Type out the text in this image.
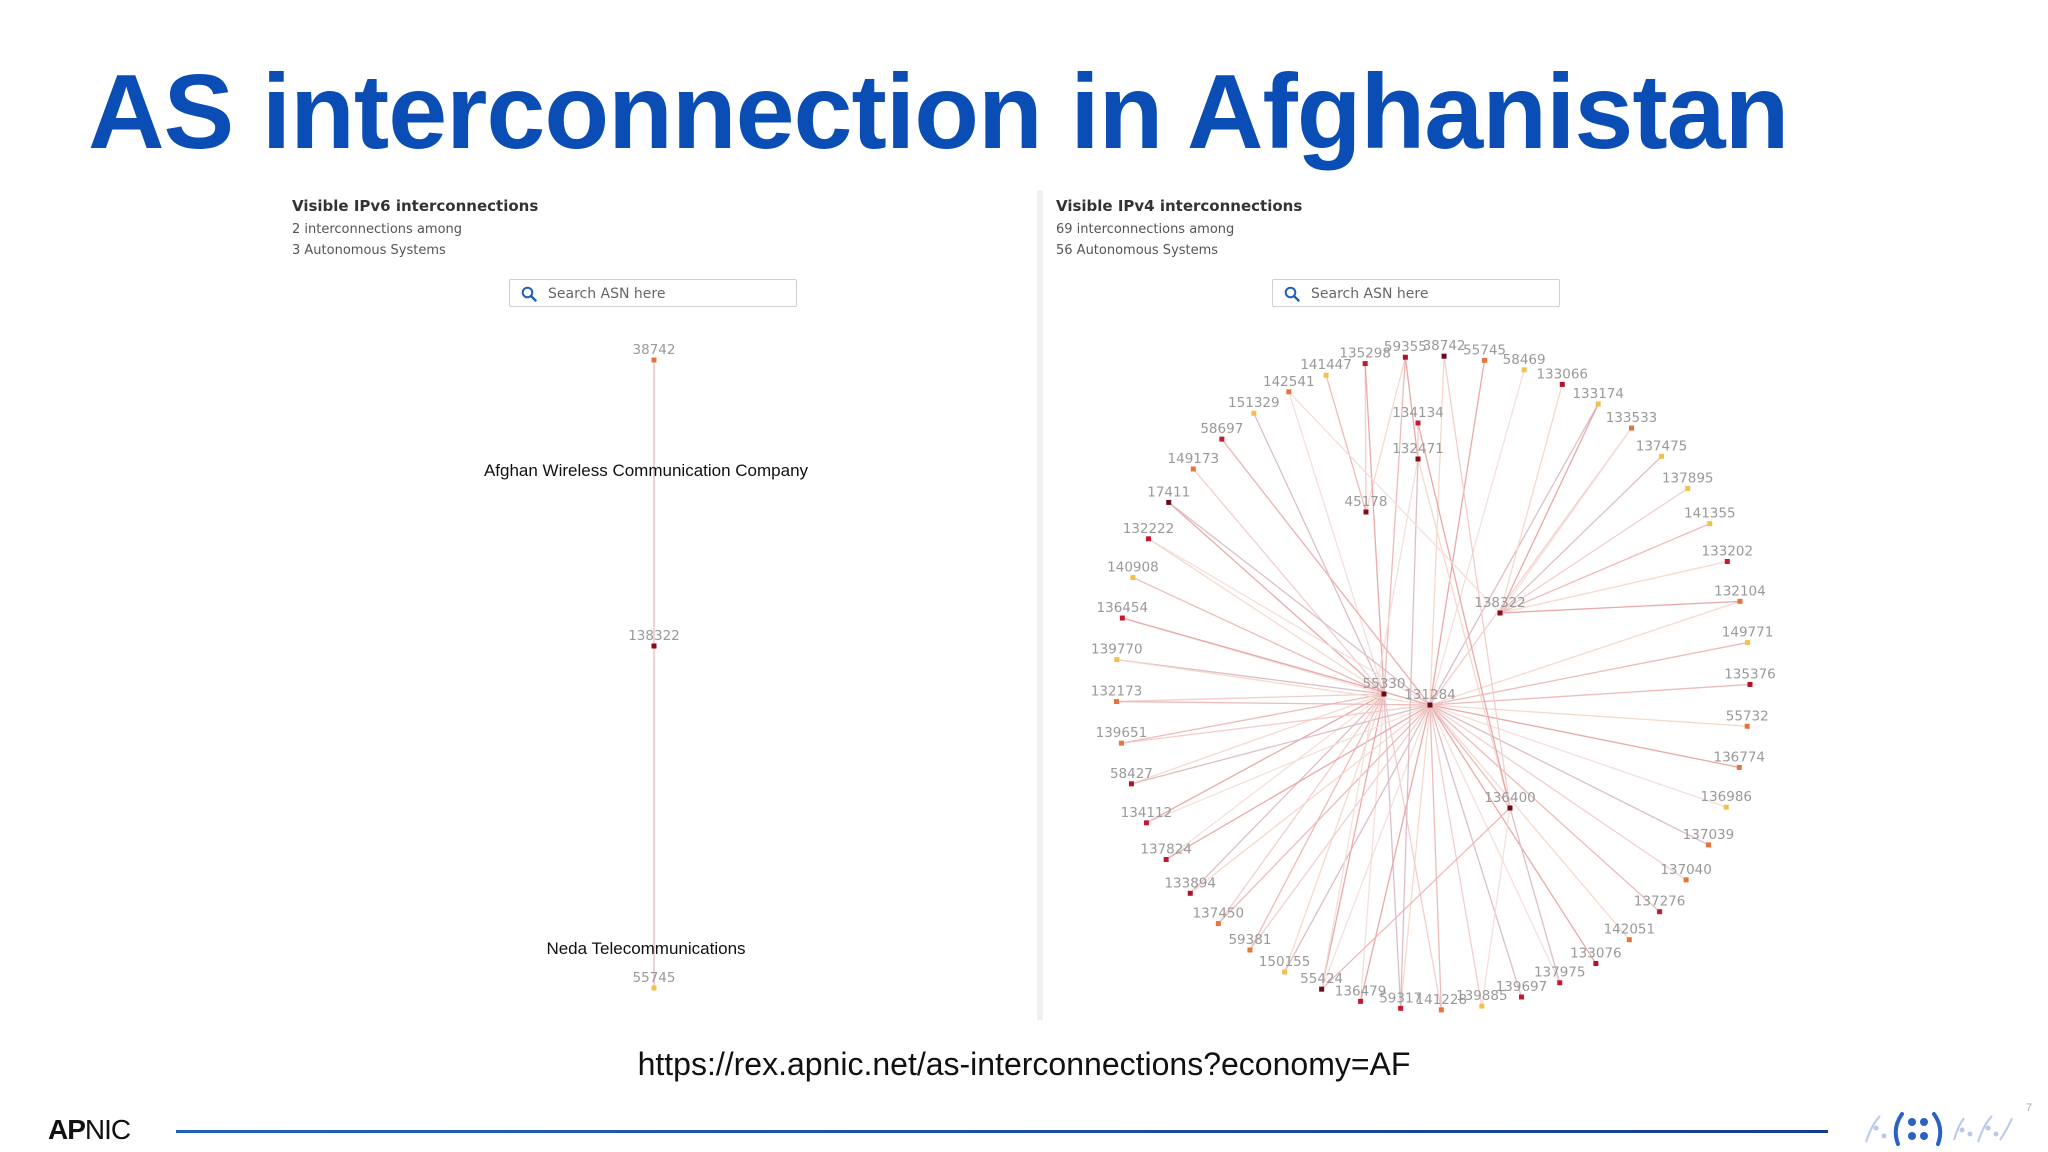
AS interconnection in Afghanistan
Visible IPv6 interconnections
2 interconnections among
3 Autonomous Systems
Search ASN here
Visible IPv4 interconnections
69 interconnections among
56 Autonomous Systems
Search ASN here
38742
138322
55745
38742
55745
58469
133066
133174
133533
137475
137895
141355
133202
132104
149771
135376
55732
136774
136986
137039
137040
137276
142051
133076
137975
139697
139885
141228
59317
136479
55424
150155
59381
137450
133894
137824
134112
58427
139651
132173
139770
136454
140908
132222
17411
149173
58697
151329
142541
141447
135298
59355
134134
132471
45178
138322
55330
131284
136400
Afghan Wireless Communication Company
Neda Telecommunications
https://rex.apnic.net/as-interconnections?economy=AF
APNIC
7
